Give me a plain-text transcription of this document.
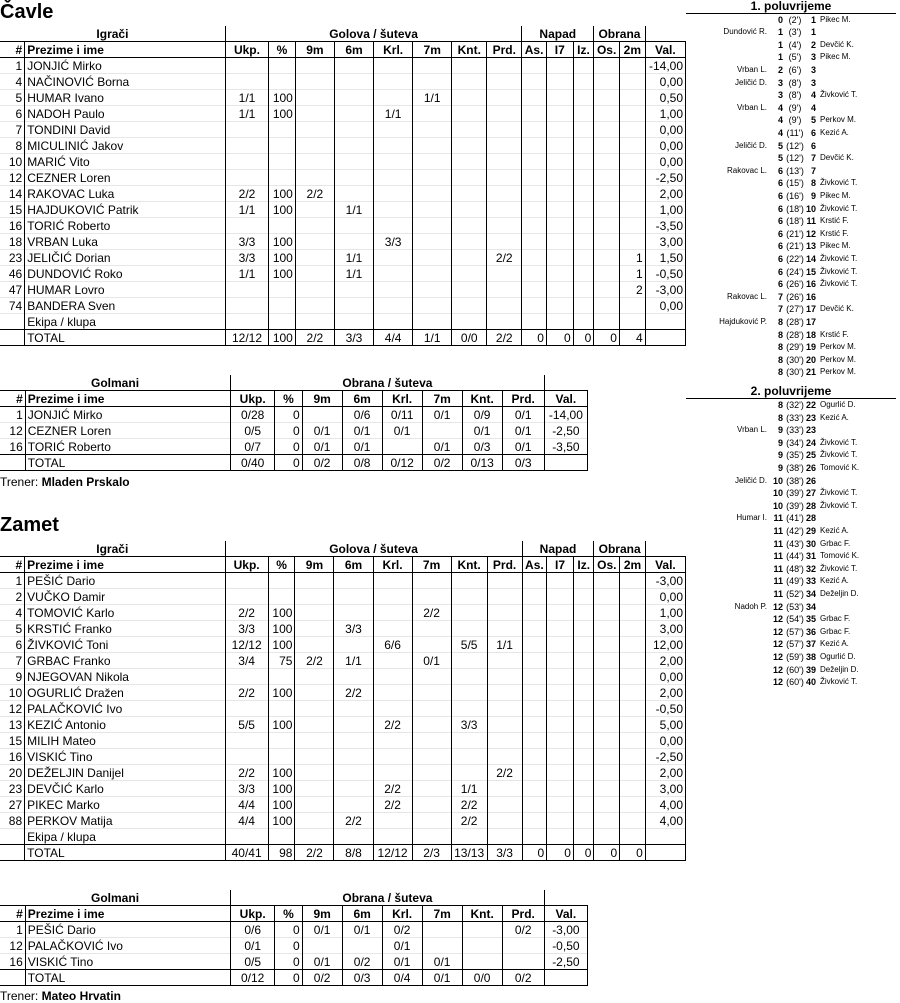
Čavle
Igrači		Golova / šuteva								Napad			Obrana		
#	Prezime i ime	Ukp.	%	9m	6m	Krl.	7m	Knt.	Prd.	As.	I7	Iz.	Os.	2m	Val.
1	JONJIĆ Mirko														-14,00
4	NAČINOVIĆ Borna														0,00
5	HUMAR Ivano	1/1	100				1/1								0,50
6	NADOH Paulo	1/1	100			1/1									1,00
7	TONDINI David														0,00
8	MICULINIĆ Jakov														0,00
10	MARIĆ Vito														0,00
12	CEZNER Loren														-2,50
14	RAKOVAC Luka	2/2	100	2/2											2,00
15	HAJDUKOVIĆ Patrik	1/1	100		1/1										1,00
16	TORIĆ Roberto														-3,50
18	VRBAN Luka	3/3	100			3/3									3,00
23	JELIČIĆ Dorian	3/3	100		1/1				2/2					1	1,50
46	DUNDOVIĆ Roko	1/1	100		1/1									1	-0,50
47	HUMAR Lovro													2	-3,00
74	BANDERA Sven														0,00
	Ekipa / klupa														
	TOTAL	12/12	100	2/2	3/3	4/4	1/1	0/0	2/2	0	0	0	0	4	
Golmani		Obrana / šuteva								
#	Prezime i ime	Ukp.	%	9m	6m	Krl.	7m	Knt.	Prd.	Val.
1	JONJIĆ Mirko	0/28	0		0/6	0/11	0/1	0/9	0/1	-14,00
12	CEZNER Loren	0/5	0	0/1	0/1	0/1		0/1	0/1	-2,50
16	TORIĆ Roberto	0/7	0	0/1	0/1		0/1	0/3	0/1	-3,50
	TOTAL	0/40	0	0/2	0/8	0/12	0/2	0/13	0/3	
Trener: Mladen Prskalo
Zamet
Igrači		Golova / šuteva								Napad			Obrana		
#	Prezime i ime	Ukp.	%	9m	6m	Krl.	7m	Knt.	Prd.	As.	I7	Iz.	Os.	2m	Val.
1	PEŠIĆ Dario														-3,00
2	VUČKO Damir														0,00
4	TOMOVIĆ Karlo	2/2	100				2/2								1,00
5	KRSTIĆ Franko	3/3	100		3/3										3,00
6	ŽIVKOVIĆ Toni	12/12	100			6/6		5/5	1/1						12,00
7	GRBAC Franko	3/4	75	2/2	1/1		0/1								2,00
9	NJEGOVAN Nikola														0,00
10	OGURLIĆ Dražen	2/2	100		2/2										2,00
12	PALAČKOVIĆ Ivo														-0,50
13	KEZIĆ Antonio	5/5	100			2/2		3/3							5,00
15	MILIH Mateo														0,00
16	VISKIĆ Tino														-2,50
20	DEŽELJIN Danijel	2/2	100						2/2						2,00
23	DEVČIĆ Karlo	3/3	100			2/2		1/1							3,00
27	PIKEC Marko	4/4	100			2/2		2/2							4,00
88	PERKOV Matija	4/4	100		2/2			2/2							4,00
	Ekipa / klupa														
	TOTAL	40/41	98	2/2	8/8	12/12	2/3	13/13	3/3	0	0	0	0	0	
Golmani		Obrana / šuteva								
#	Prezime i ime	Ukp.	%	9m	6m	Krl.	7m	Knt.	Prd.	Val.
1	PEŠIĆ Dario	0/6	0	0/1	0/1	0/2			0/2	-3,00
12	PALAČKOVIĆ Ivo	0/1	0			0/1				-0,50
16	VISKIĆ Tino	0/5	0	0/1	0/2	0/1	0/1			-2,50
	TOTAL	0/12	0	0/2	0/3	0/4	0/1	0/0	0/2	
Trener: Mateo Hrvatin
1. poluvrijeme
0 (2')	1 Pikec M.
Dundović R.	1 (3')	1
1 (4')	2 Devčić K.
1 (5')	3 Pikec M.
Vrban L.	2 (6')	3
Jeličić D.	3 (8')	3
3 (8')	4 Živković T.
Vrban L.	4 (9')	4
4 (9')	5 Perkov M.
4 (11') 6 Kezić A.
Jeličić D.	5 (12') 6
5 (12') 7 Devčić K.
Rakovac L.	6 (13') 7
6 (15') 8 Živković T.
6 (16') 9 Pikec M.
6 (18') 10 Živković T.
6 (18') 11 Krstić F.
6 (21') 12 Krstić F.
6 (21') 13 Pikec M.
6 (22') 14 Živković T.
6 (24') 15 Živković T.
6 (26') 16 Živković T.
Rakovac L.	7 (26') 16
7 (27') 17 Devčić K.
Hajduković P.	8 (28') 17
8 (28') 18 Krstić F.
8 (29') 19 Perkov M.
8 (30') 20 Perkov M.
8 (30') 21 Perkov M.
2. poluvrijeme
8 (32') 22 Ogurlić D.
8 (33') 23 Kezić A.
Vrban L.	9 (33') 23
9 (34') 24 Živković T.
9 (35') 25 Živković T.
9 (38') 26 Tomović K.
Jeličić D. 10 (38') 26
10 (39') 27 Živković T.
10 (39') 28 Živković T.
Humar I. 11 (41') 28
11 (42') 29 Kezić A.
11 (43') 30 Grbac F.
11 (44') 31 Tomović K.
11 (48') 32 Živković T.
11 (49') 33 Kezić A.
11 (52') 34 Deželjin D.
Nadoh P. 12 (53') 34
12 (54') 35 Grbac F.
12 (57') 36 Grbac F.
12 (57') 37 Kezić A.
12 (59') 38 Ogurlić D.
12 (60') 39 Deželjin D.
12 (60') 40 Živković T.
